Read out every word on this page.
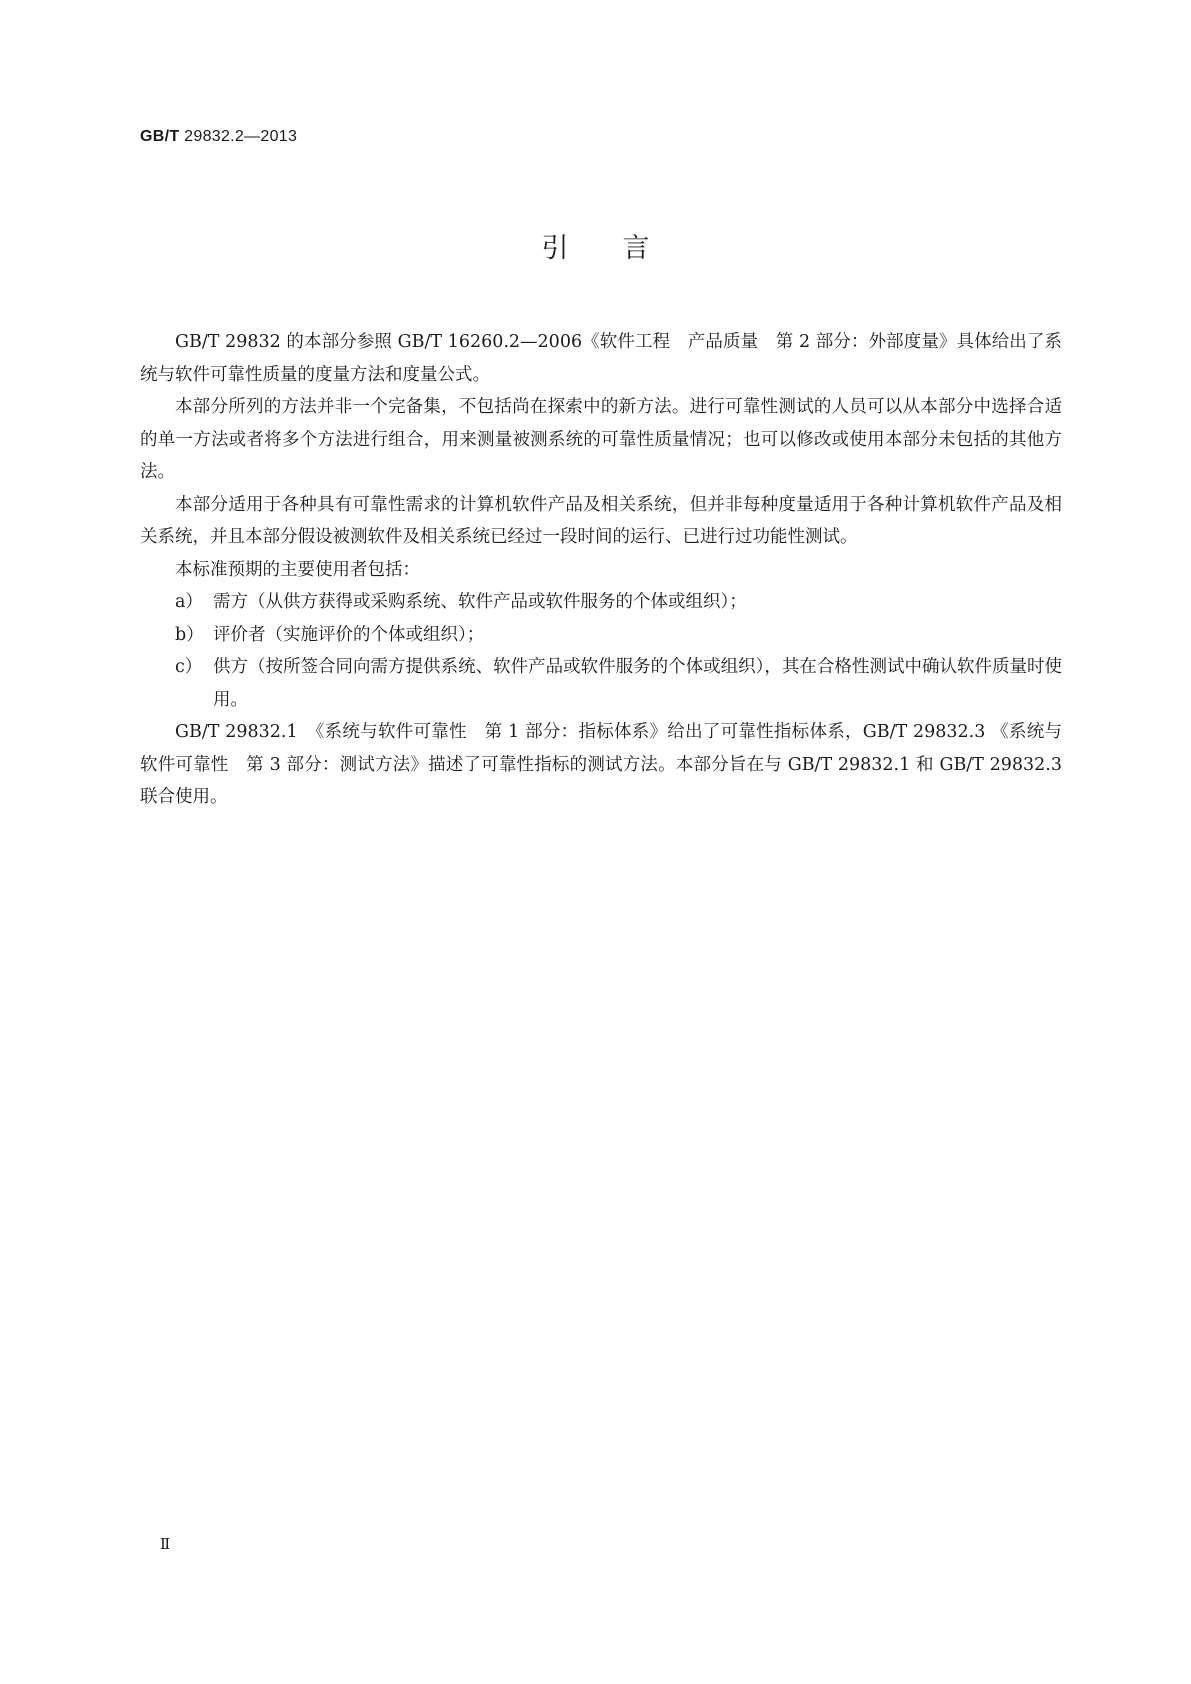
GB/T 29832.2—2013
引　　言

GB/T 29832 的本部分参照 GB/T 16260.2—2006《软件工程　产品质量　第 2 部分：外部度量》具体给出了系统与软件可靠性质量的度量方法和度量公式。

本部分所列的方法并非一个完备集，不包括尚在探索中的新方法。进行可靠性测试的人员可以从本部分中选择合适的单一方法或者将多个方法进行组合，用来测量被测系统的可靠性质量情况；也可以修改或使用本部分未包括的其他方法。

本部分适用于各种具有可靠性需求的计算机软件产品及相关系统，但并非每种度量适用于各种计算机软件产品及相关系统，并且本部分假设被测软件及相关系统已经过一段时间的运行、已进行过功能性测试。

本标准预期的主要使用者包括：

a） 需方（从供方获得或采购系统、软件产品或软件服务的个体或组织）；
b） 评价者（实施评价的个体或组织）；
c） 供方（按所签合同向需方提供系统、软件产品或软件服务的个体或组织），其在合格性测试中确认软件质量时使用。

GB/T 29832.1　《系统与软件可靠性　第 1 部分：指标体系》给出了可靠性指标体系，GB/T 29832.3 《系统与软件可靠性　第 3 部分：测试方法》描述了可靠性指标的测试方法。本部分旨在与 GB/T 29832.1 和 GB/T 29832.3 联合使用。

Ⅱ
